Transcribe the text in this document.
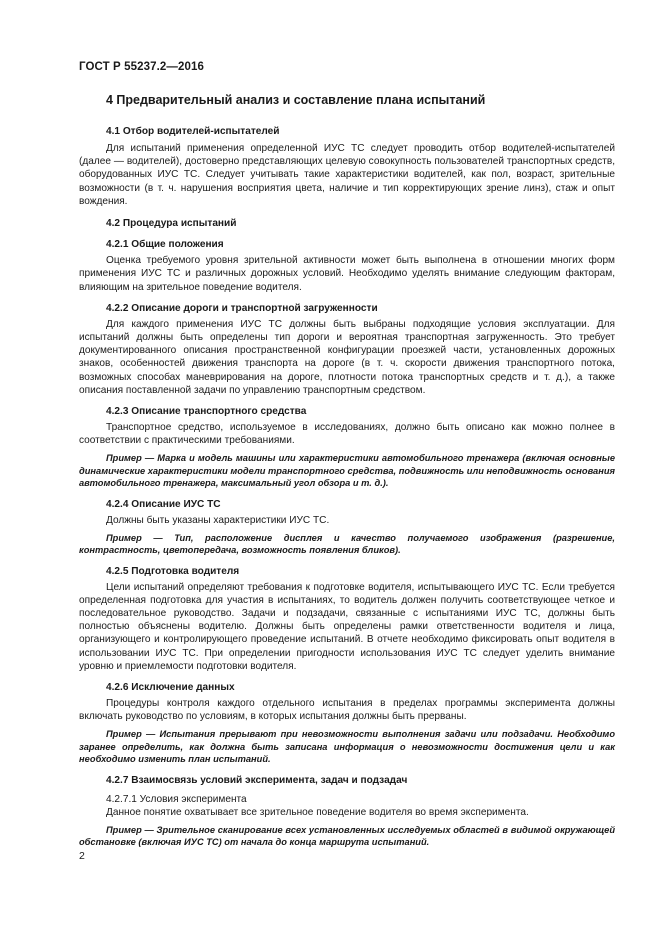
ГОСТ Р 55237.2—2016
4 Предварительный анализ и составление плана испытаний
4.1 Отбор водителей-испытателей

Для испытаний применения определенной ИУС ТС следует проводить отбор водителей-испытателей (далее — водителей), достоверно представляющих целевую совокупность пользователей транспортных средств, оборудованных ИУС ТС. Следует учитывать такие характеристики водителей, как пол, возраст, зрительные возможности (в т. ч. нарушения восприятия цвета, наличие и тип корректирующих зрение линз), стаж и опыт вождения.

4.2 Процедура испытаний
4.2.1 Общие положения

Оценка требуемого уровня зрительной активности может быть выполнена в отношении многих форм применения ИУС ТС и различных дорожных условий. Необходимо уделять внимание следующим факторам, влияющим на зрительное поведение водителя.

4.2.2 Описание дороги и транспортной загруженности

Для каждого применения ИУС ТС должны быть выбраны подходящие условия эксплуатации. Для испытаний должны быть определены тип дороги и вероятная транспортная загруженность. Это требует документированного описания пространственной конфигурации проезжей части, установленных дорожных знаков, особенностей движения транспорта на дороге (в т. ч. скорости движения транспортного потока, возможных способах маневрирования на дороге, плотности потока транспортных средств и т. д.), а также описания поставленной задачи по управлению транспортным средством.

4.2.3 Описание транспортного средства

Транспортное средство, используемое в исследованиях, должно быть описано как можно полнее в соответствии с практическими требованиями.

Пример — Марка и модель машины или характеристики автомобильного тренажера (включая основные динамические характеристики модели транспортного средства, подвижность или неподвижность основания автомобильного тренажера, максимальный угол обзора и т. д.).

4.2.4 Описание ИУС ТС

Должны быть указаны характеристики ИУС ТС.

Пример — Тип, расположение дисплея и качество получаемого изображения (разрешение, контрастность, цветопередача, возможность появления бликов).

4.2.5 Подготовка водителя

Цели испытаний определяют требования к подготовке водителя, испытывающего ИУС ТС. Если требуется определенная подготовка для участия в испытаниях, то водитель должен получить соответствующее четкое и последовательное руководство. Задачи и подзадачи, связанные с испытаниями ИУС ТС, должны быть полностью объяснены водителю. Должны быть определены рамки ответственности водителя и лица, организующего и контролирующего проведение испытаний. В отчете необходимо фиксировать опыт водителя в использовании ИУС ТС. При определении пригодности использования ИУС ТС следует уделить внимание уровню и приемлемости подготовки водителя.

4.2.6 Исключение данных

Процедуры контроля каждого отдельного испытания в пределах программы эксперимента должны включать руководство по условиям, в которых испытания должны быть прерваны.

Пример — Испытания прерывают при невозможности выполнения задачи или подзадачи. Необходимо заранее определить, как должна быть записана информация о невозможности достижения цели и как необходимо изменить план испытаний.

4.2.7 Взаимосвязь условий эксперимента, задач и подзадач
4.2.7.1 Условия эксперимента

Данное понятие охватывает все зрительное поведение водителя во время эксперимента.

Пример — Зрительное сканирование всех установленных исследуемых областей в видимой окружающей обстановке (включая ИУС ТС) от начала до конца маршрута испытаний.

2
